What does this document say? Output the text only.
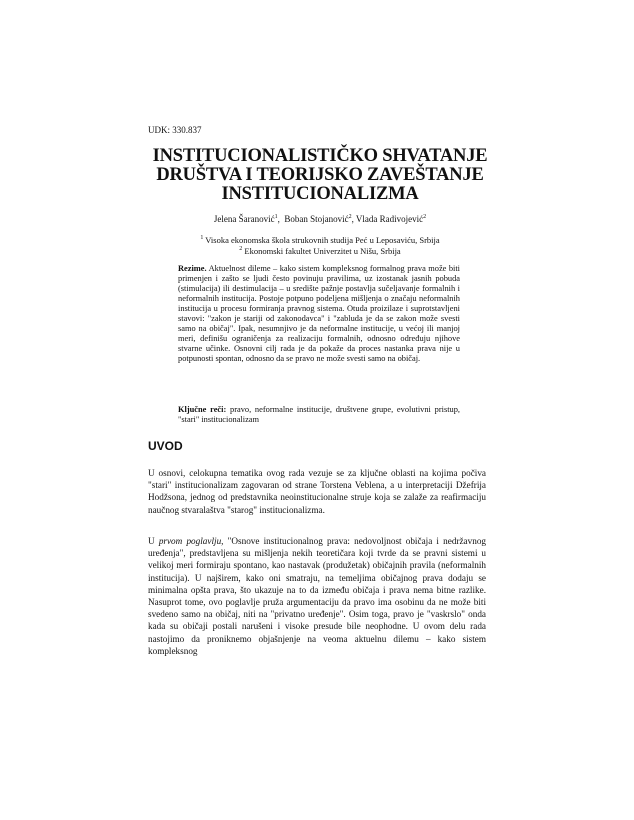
UDK: 330.837
INSTITUCIONALISTIČKO SHVATANJE
DRUŠTVA I TEORIJSKO ZAVEŠTANJE
INSTITUCIONALIZMA
Jelena Šaranović$^1$,  Boban Stojanović$^2$, Vlada Radivojević$^2$
$^1$ Visoka ekonomska škola strukovnih studija Peć u Leposaviću, Srbija
$^2$ Ekonomski fakultet Univerzitet u Nišu, Srbija
Rezime. Aktuelnost dileme – kako sistem kompleksnog formalnog prava može biti primenjen i zašto se ljudi često povinuju pravilima, uz izostanak jasnih pobuda (stimulacija) ili destimulacija – u središte pažnje postavlja sučeljavanje formalnih i neformalnih institucija. Postoje potpuno podeljena mišljenja o značaju neformalnih institucija u procesu formiranja pravnog sistema. Otuda proizilaze i suprotstavljeni stavovi: "zakon je stariji od zakonodavca" i "zabluda je da se zakon može svesti samo na običaj". Ipak, nesumnjivo je da neformalne institucije, u većoj ili manjoj meri, definišu ograničenja za realizaciju formalnih, odnosno određuju njihove stvarne učinke. Osnovni cilj rada je da pokaže da proces nastanka prava nije u potpunosti spontan, odnosno da se pravo ne može svesti samo na običaj.
Ključne reči: pravo, neformalne institucije, društvene grupe, evolutivni pristup, "stari" institucionalizam
UVOD
U osnovi, celokupna tematika ovog rada vezuje se za ključne oblasti na kojima počiva "stari" institucionalizam zagovaran od strane Torstena Veblena, a u interpretaciji Džefrija Hodžsona, jednog od predstavnika neoinstitucionalne struje koja se zalaže za reafirmaciju naučnog stvaralaštva "starog" institucionalizma.
U prvom poglavlju, "Osnove institucionalnog prava: nedovoljnost običaja i nedržavnog uređenja", predstavljena su mišljenja nekih teoretičara koji tvrde da se pravni sistemi u velikoj meri formiraju spontano, kao nastavak (produžetak) običajnih pravila (neformalnih institucija). U najširem, kako oni smatraju, na temeljima običajnog prava dodaju se minimalna opšta prava, što ukazuje na to da između običaja i prava nema bitne razlike. Nasuprot tome, ovo poglavlje pruža argumentaciju da pravo ima osobinu da ne može biti svedeno samo na običaj, niti na "privatno uređenje". Osim toga, pravo je "vaskrslo" onda kada su običaji postali narušeni i visoke presude bile neophodne. U ovom delu rada nastojimo da proniknemo objašnjenje na veoma aktuelnu dilemu – kako sistem kompleksnog
